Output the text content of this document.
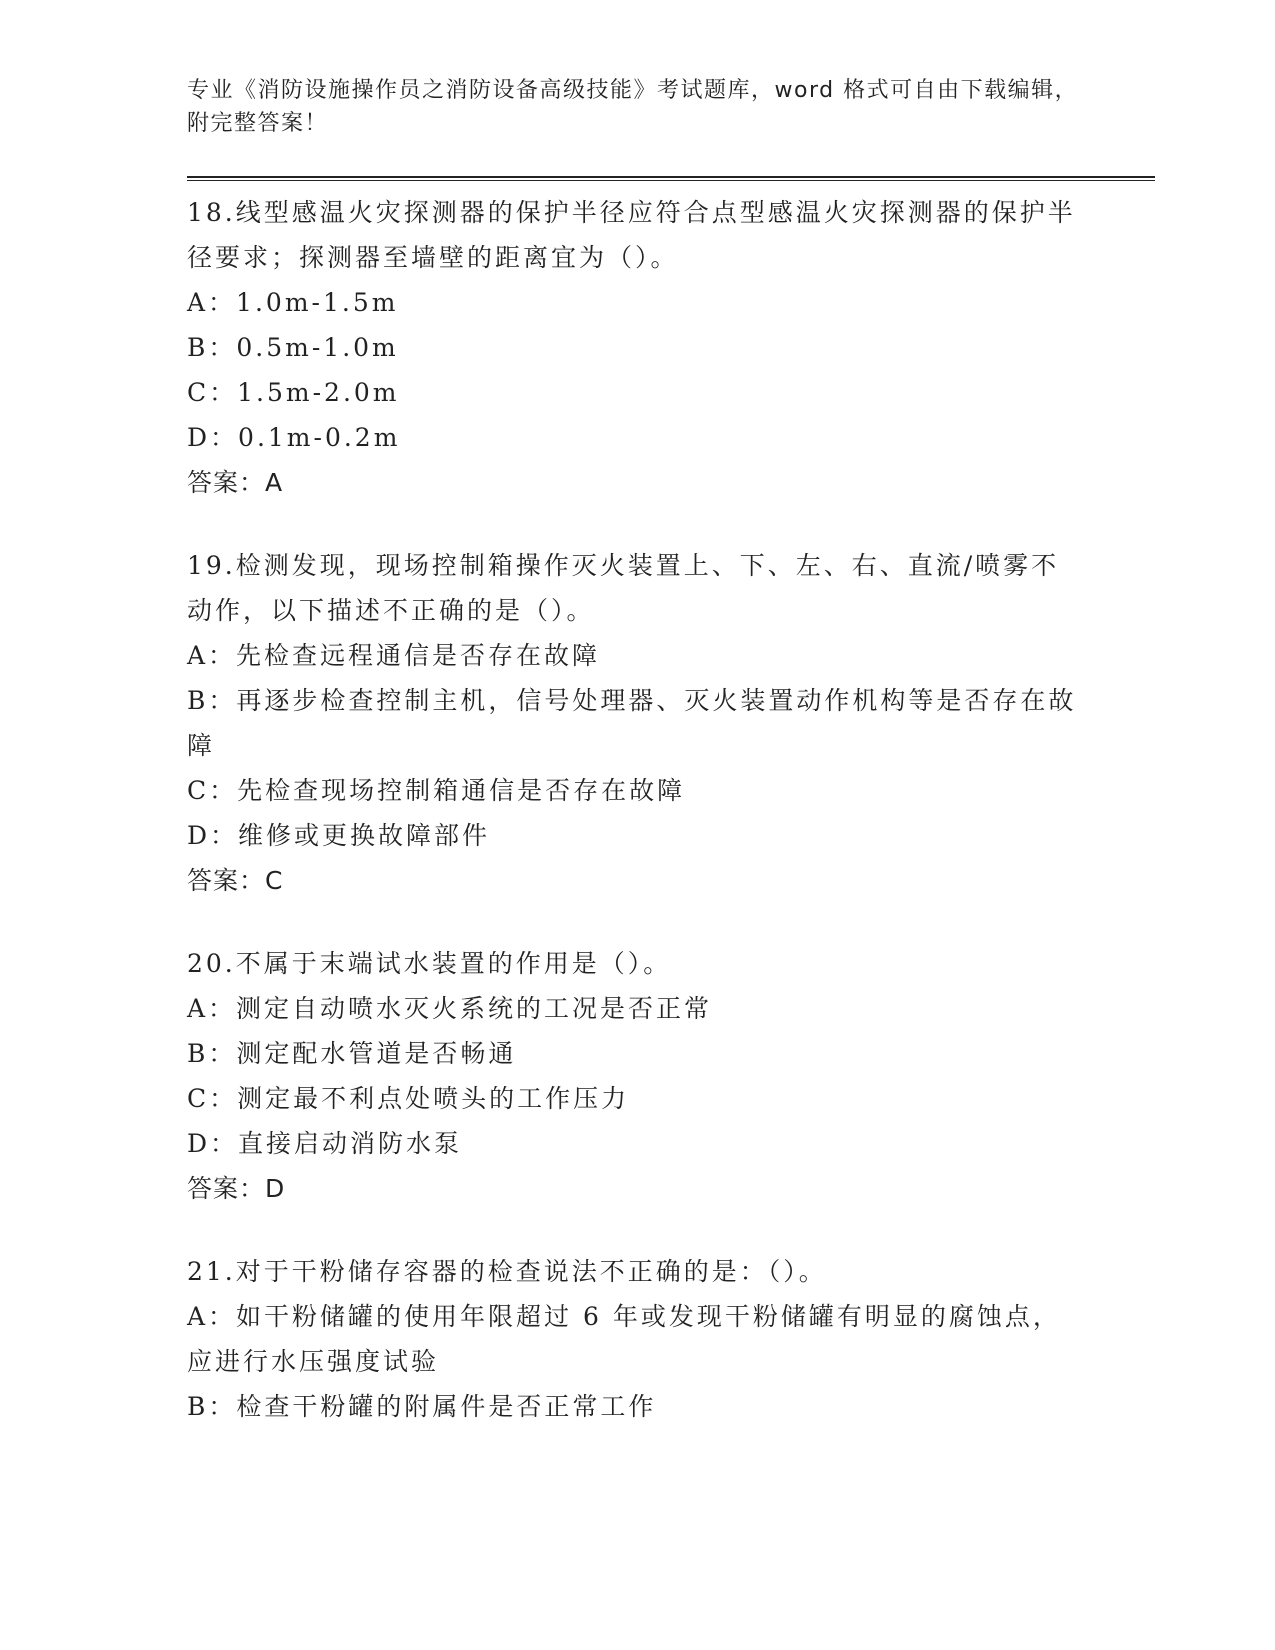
专业《消防设施操作员之消防设备高级技能》考试题库，word 格式可自由下载编辑，附完整答案！
18.线型感温火灾探测器的保护半径应符合点型感温火灾探测器的保护半径要求；探测器至墙壁的距离宜为（）。
A：1.0m-1.5m
B：0.5m-1.0m
C：1.5m-2.0m
D：0.1m-0.2m
答案：A
19.检测发现，现场控制箱操作灭火装置上、下、左、右、直流/喷雾不动作，以下描述不正确的是（）。
A：先检查远程通信是否存在故障
B：再逐步检查控制主机，信号处理器、灭火装置动作机构等是否存在故障
C：先检查现场控制箱通信是否存在故障
D：维修或更换故障部件
答案：C
20.不属于末端试水装置的作用是（）。
A：测定自动喷水灭火系统的工况是否正常
B：测定配水管道是否畅通
C：测定最不利点处喷头的工作压力
D：直接启动消防水泵
答案：D
21.对于干粉储存容器的检查说法不正确的是：（）。
A：如干粉储罐的使用年限超过 6 年或发现干粉储罐有明显的腐蚀点，应进行水压强度试验
B：检查干粉罐的附属件是否正常工作
